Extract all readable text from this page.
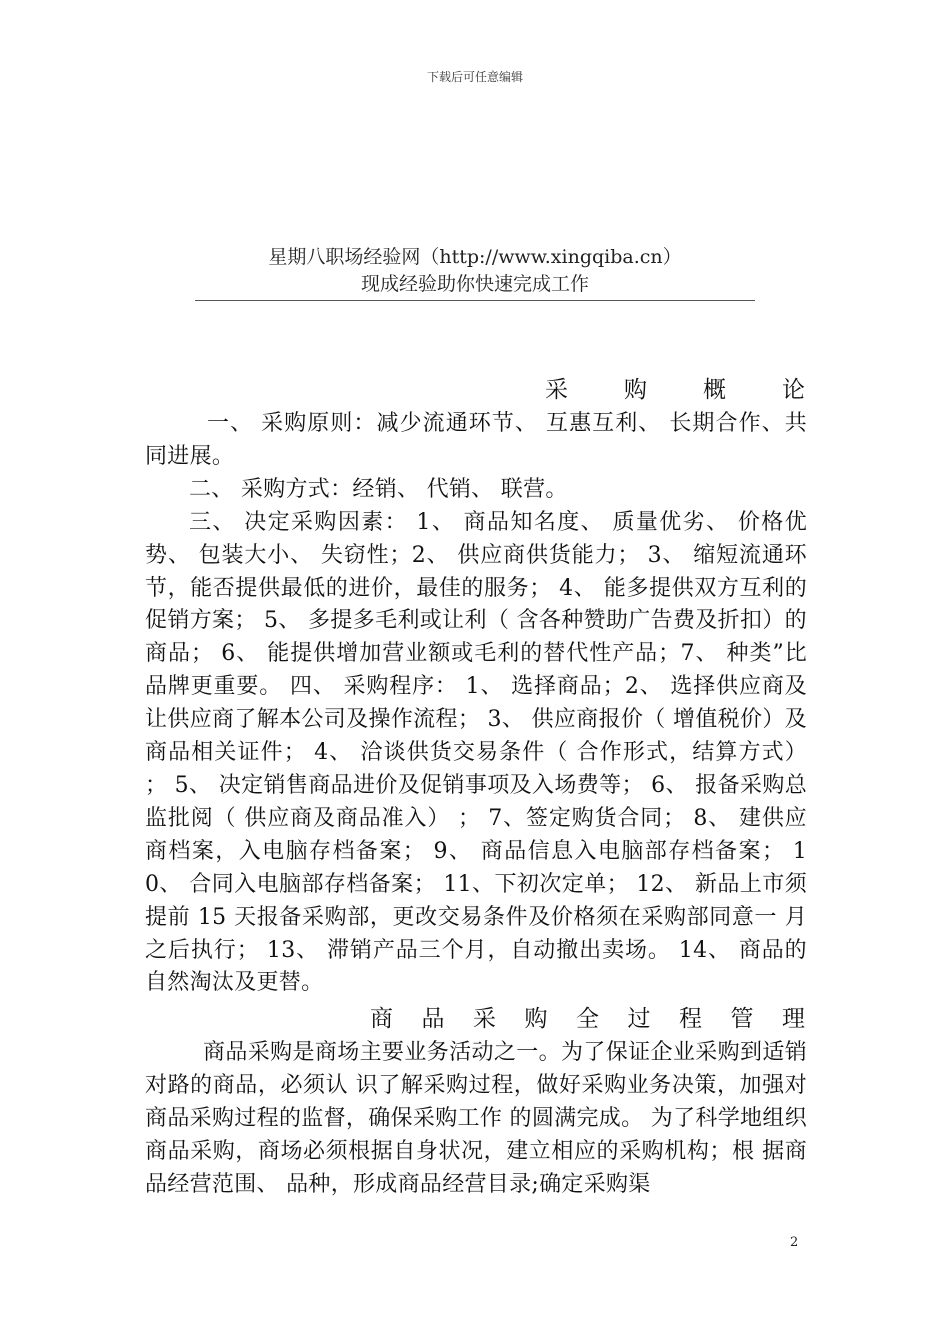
下载后可任意编辑
星期八职场经验网（http://www.xingqiba.cn）
现成经验助你快速完成工作
采 购 概 论

一、 采购原则：减少流通环节、 互惠互利、 长期合作、共同进展。

二、 采购方式：经销、 代销、 联营。

三、 决定采购因素： 1、 商品知名度、 质量优劣、 价格优势、 包装大小、 失窃性；2、 供应商供货能力； 3、 缩短流通环节，能否提供最低的进价，最佳的服务； 4、 能多提供双方互利的促销方案； 5、 多提多毛利或让利（ 含各种赞助广告费及折扣）的商品； 6、 能提供增加营业额或毛利的替代性产品；7、 种类”比品牌更重要。 四、 采购程序： 1、 选择商品；2、 选择供应商及让供应商了解本公司及操作流程； 3、 供应商报价（ 增值税价）及商品相关证件； 4、 洽谈供货交易条件（ 合作形式，结算方式） ； 5、 决定销售商品进价及促销事项及入场费等； 6、 报备采购总监批阅（ 供应商及商品准入） ； 7、签定购货合同； 8、 建供应商档案，入电脑存档备案； 9、 商品信息入电脑部存档备案； 10、 合同入电脑部存档备案； 11、下初次定单； 12、 新品上市须提前 15 天报备采购部，更改交易条件及价格须在采购部同意一 月之后执行； 13、 滞销产品三个月，自动撤出卖场。 14、 商品的自然淘汰及更替。

商 品 采 购 全 过 程 管 理

商品采购是商场主要业务活动之一。为了保证企业采购到适销对路的商品，必须认 识了解采购过程，做好采购业务决策，加强对商品采购过程的监督，确保采购工作 的圆满完成。 为了科学地组织商品采购，商场必须根据自身状况，建立相应的采购机构；根 据商品经营范围、 品种，形成商品经营目录;确定采购渠

2
